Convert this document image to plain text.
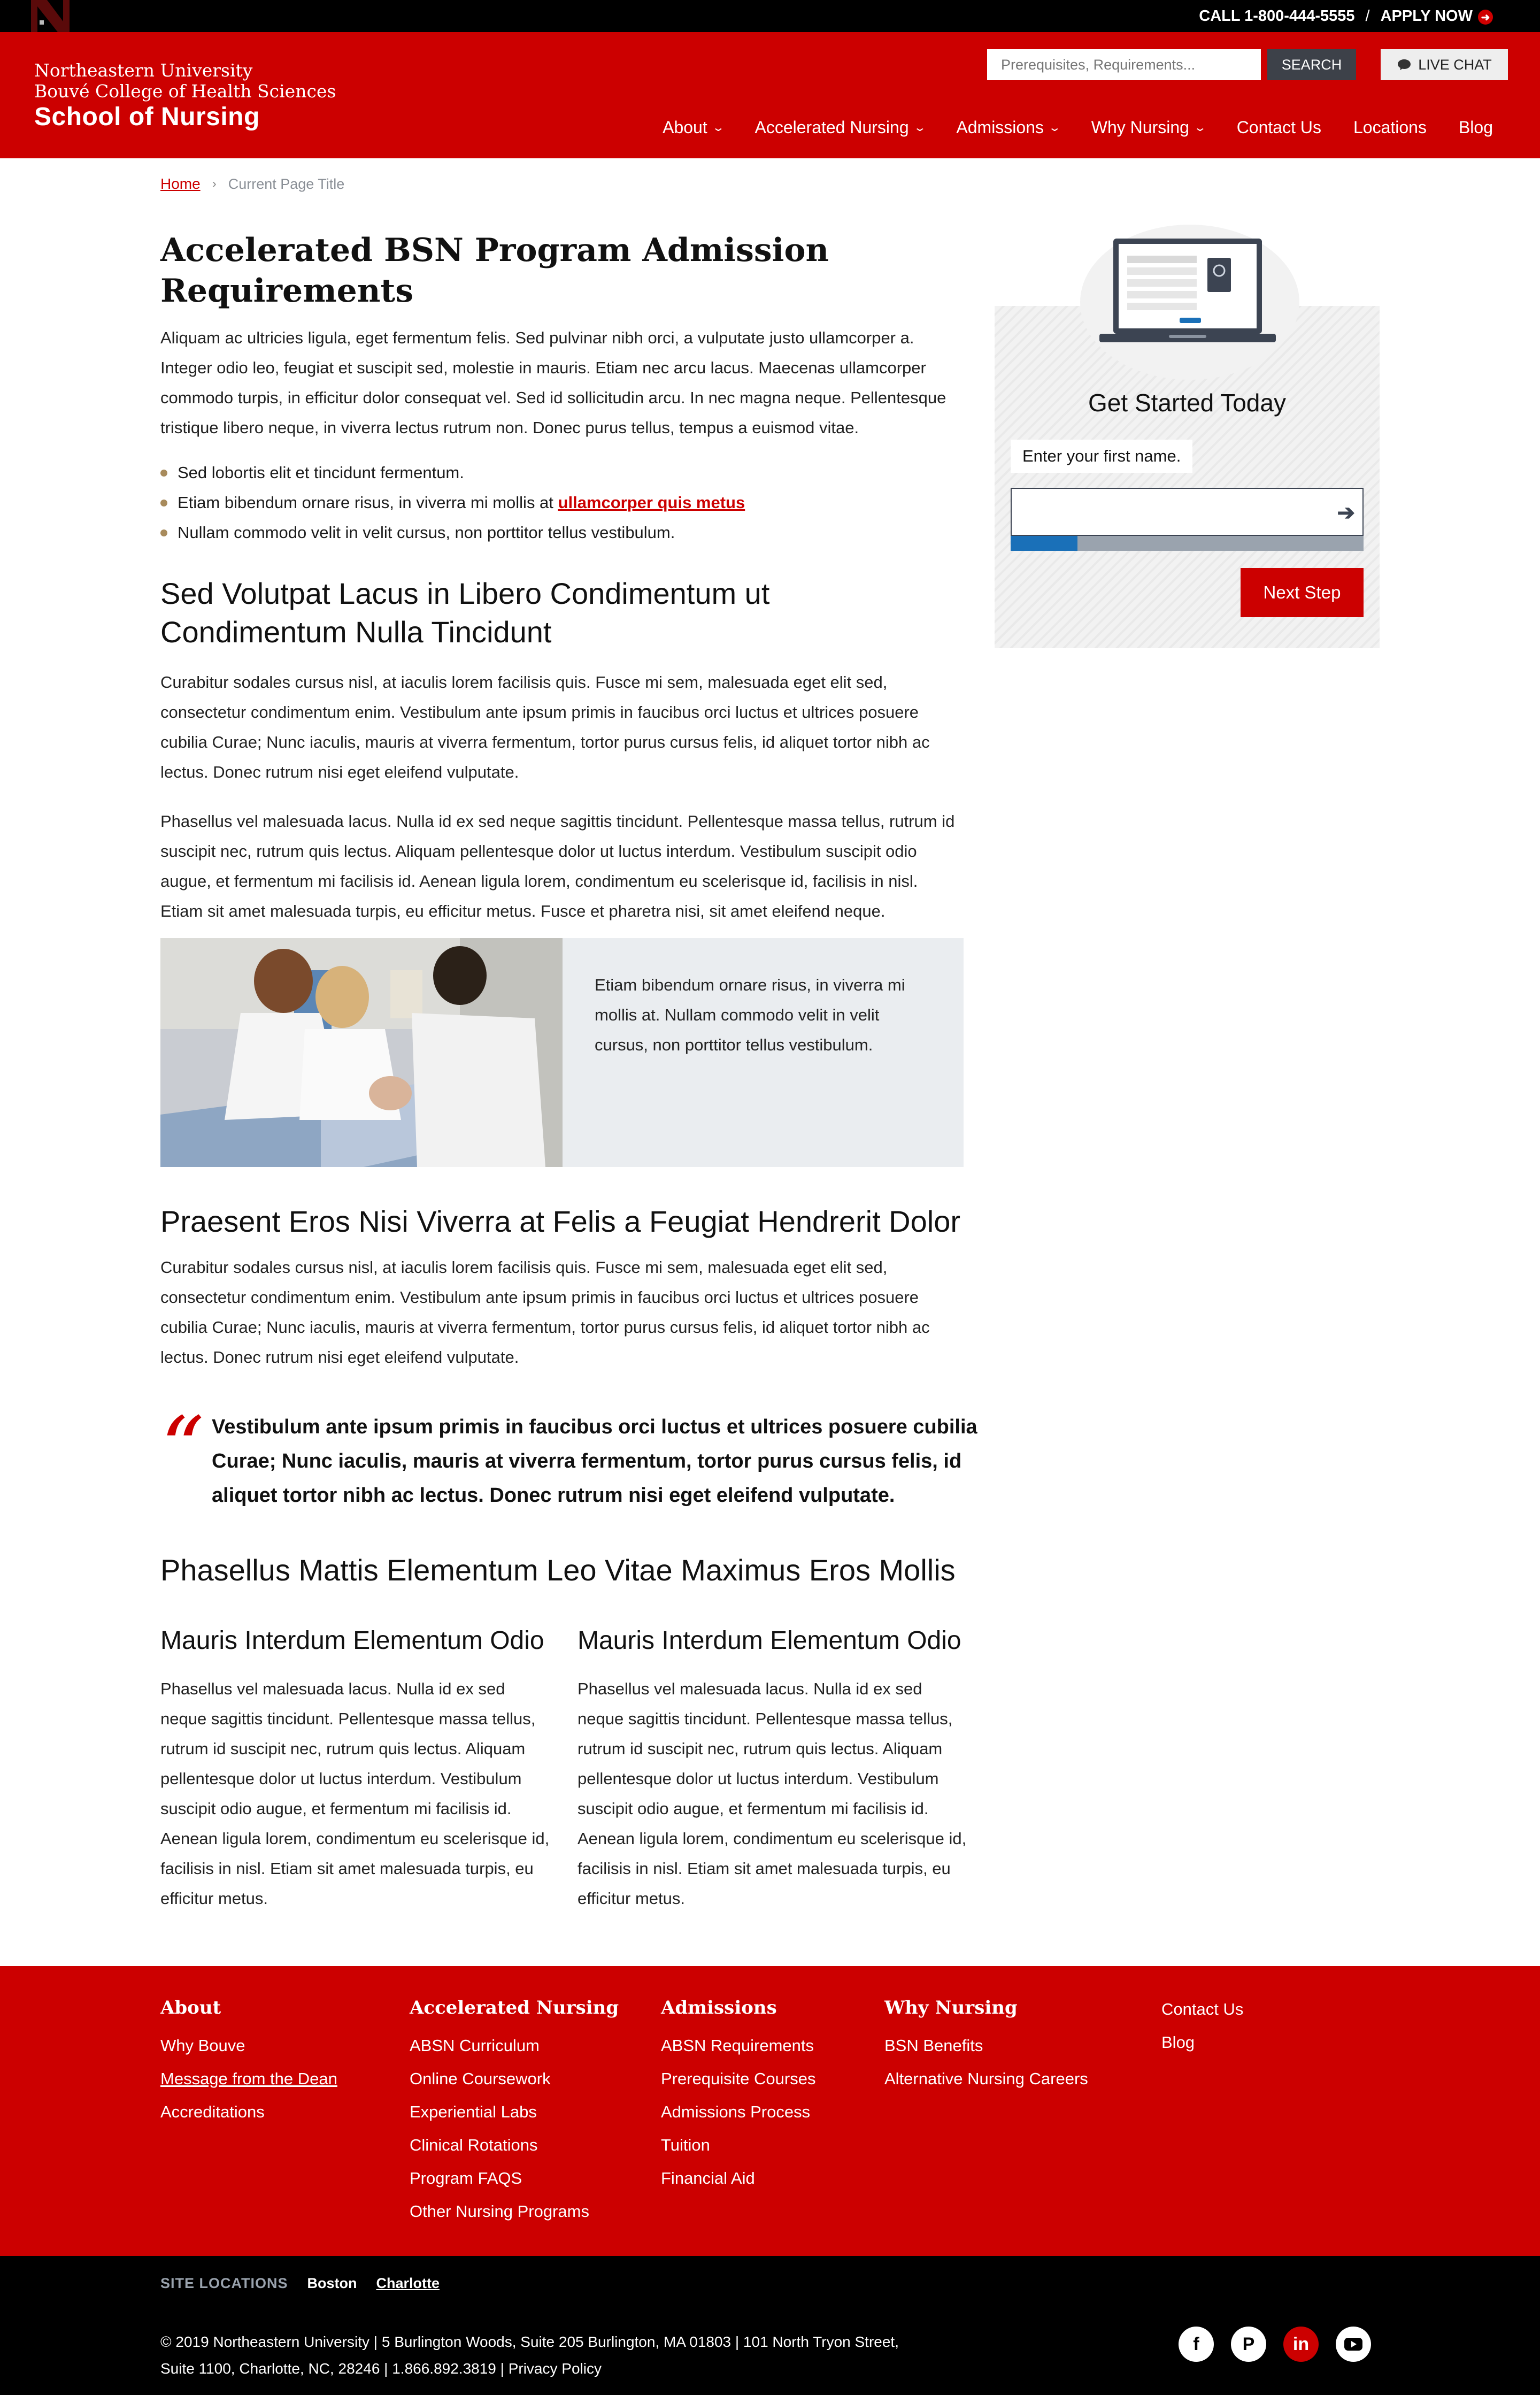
CALL 1-800-444-5555 / APPLY NOW ➜
Northeastern University
Bouvé College of Health Sciences
School of Nursing
Prerequisites, Requirements...
SEARCH	LIVE CHAT
About ⌄ Accelerated Nursing ⌄ Admissions ⌄ Why Nursing ⌄ Contact Us Locations Blog
Home › Current Page Title
Accelerated BSN Program Admission Requirements

Aliquam ac ultricies ligula, eget fermentum felis. Sed pulvinar nibh orci, a vulputate justo ullamcorper a. Integer odio leo, feugiat et suscipit sed, molestie in mauris. Etiam nec arcu lacus. Maecenas ullamcorper commodo turpis, in efficitur dolor consequat vel. Sed id sollicitudin arcu. In nec magna neque. Pellentesque tristique libero neque, in viverra lectus rutrum non. Donec purus tellus, tempus a euismod vitae.

Sed lobortis elit et tincidunt fermentum.
Etiam bibendum ornare risus, in viverra mi mollis at ullamcorper quis metus
Nullam commodo velit in velit cursus, non porttitor tellus vestibulum.
Sed Volutpat Lacus in Libero Condimentum ut Condimentum Nulla Tincidunt

Curabitur sodales cursus nisl, at iaculis lorem facilisis quis. Fusce mi sem, malesuada eget elit sed, consectetur condimentum enim. Vestibulum ante ipsum primis in faucibus orci luctus et ultrices posuere cubilia Curae; Nunc iaculis, mauris at viverra fermentum, tortor purus cursus felis, id aliquet tortor nibh ac lectus. Donec rutrum nisi eget eleifend vulputate.

Phasellus vel malesuada lacus. Nulla id ex sed neque sagittis tincidunt. Pellentesque massa tellus, rutrum id suscipit nec, rutrum quis lectus. Aliquam pellentesque dolor ut luctus interdum. Vestibulum suscipit odio augue, et fermentum mi facilisis id. Aenean ligula lorem, condimentum eu scelerisque id, facilisis in nisl. Etiam sit amet malesuada turpis, eu efficitur metus. Fusce et pharetra nisi, sit amet eleifend neque.

Etiam bibendum ornare risus, in viverra mi mollis at. Nullam commodo velit in velit cursus, non porttitor tellus vestibulum.
Praesent Eros Nisi Viverra at Felis a Feugiat Hendrerit Dolor

Curabitur sodales cursus nisl, at iaculis lorem facilisis quis. Fusce mi sem, malesuada eget elit sed, consectetur condimentum enim. Vestibulum ante ipsum primis in faucibus orci luctus et ultrices posuere cubilia Curae; Nunc iaculis, mauris at viverra fermentum, tortor purus cursus felis, id aliquet tortor nibh ac lectus. Donec rutrum nisi eget eleifend vulputate.

“ Vestibulum ante ipsum primis in faucibus orci luctus et ultrices posuere cubilia Curae; Nunc iaculis, mauris at viverra fermentum, tortor purus cursus felis, id aliquet tortor nibh ac lectus. Donec rutrum nisi eget eleifend vulputate.
Phasellus Mattis Elementum Leo Vitae Maximus Eros Mollis
Mauris Interdum Elementum Odio

Phasellus vel malesuada lacus. Nulla id ex sed neque sagittis tincidunt. Pellentesque massa tellus, rutrum id suscipit nec, rutrum quis lectus. Aliquam pellentesque dolor ut luctus interdum. Vestibulum suscipit odio augue, et fermentum mi facilisis id. Aenean ligula lorem, condimentum eu scelerisque id, facilisis in nisl. Etiam sit amet malesuada turpis, eu efficitur metus.

Mauris Interdum Elementum Odio

Phasellus vel malesuada lacus. Nulla id ex sed neque sagittis tincidunt. Pellentesque massa tellus, rutrum id suscipit nec, rutrum quis lectus. Aliquam pellentesque dolor ut luctus interdum. Vestibulum suscipit odio augue, et fermentum mi facilisis id. Aenean ligula lorem, condimentum eu scelerisque id, facilisis in nisl. Etiam sit amet malesuada turpis, eu efficitur metus.

Get Started Today
Enter your first name.
➔
Next Step
About
Why Bouve
Message from the Dean
Accreditations
Accelerated Nursing
ABSN Curriculum
Online Coursework
Experiential Labs
Clinical Rotations
Program FAQS
Other Nursing Programs
Admissions
ABSN Requirements
Prerequisite Courses
Admissions Process
Tuition
Financial Aid
Why Nursing
BSN Benefits
Alternative Nursing Careers
Contact Us
Blog
SITE LOCATIONS Boston Charlotte
© 2019 Northeastern University | 5 Burlington Woods, Suite 205 Burlington, MA 01803 | 101 North Tryon Street, Suite 1100, Charlotte, NC, 28246 | 1.866.892.3819 | Privacy Policy
f	P	in
